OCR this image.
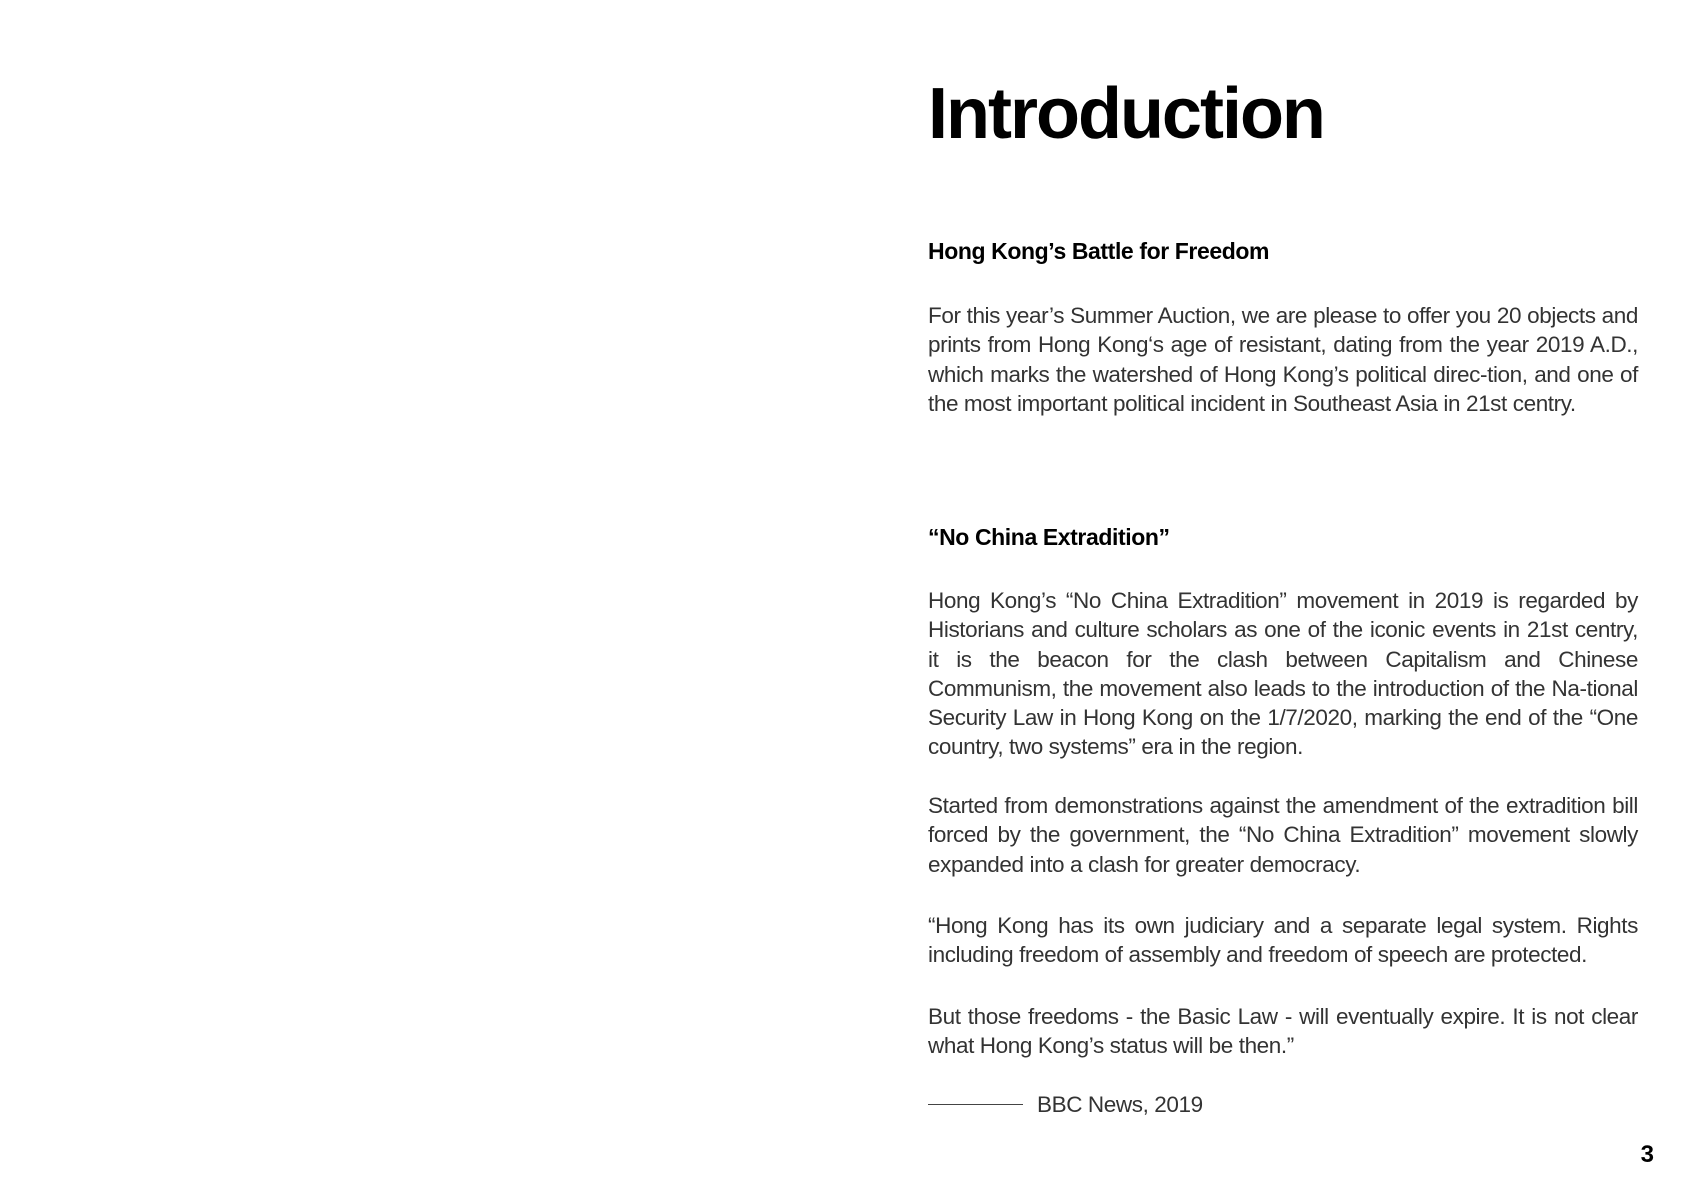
Introduction
Hong Kong’s Battle for Freedom

For this year’s Summer Auction, we are please to offer you 20 objects and prints from Hong Kong‘s age of resistant, dating from the year 2019 A.D., which marks the watershed of Hong Kong’s political direc-tion, and one of the most important political incident in Southeast Asia in 21st centry.

“No China Extradition”

Hong Kong’s “No China Extradition” movement in 2019 is regarded by Historians and culture scholars as one of the iconic events in 21st centry, it is the beacon for the clash between Capitalism and Chinese Communism, the movement also leads to the introduction of the Na-tional Security Law in Hong Kong on the 1/7/2020, marking the end of the “One country, two systems” era in the region.

Started from demonstrations against the amendment of the extradition bill forced by the government, the “No China Extradition” movement slowly expanded into a clash for greater democracy.

“Hong Kong has its own judiciary and a separate legal system. Rights including freedom of assembly and freedom of speech are protected.

But those freedoms - the Basic Law - will eventually expire. It is not clear what Hong Kong’s status will be then.”

BBC News, 2019
3
